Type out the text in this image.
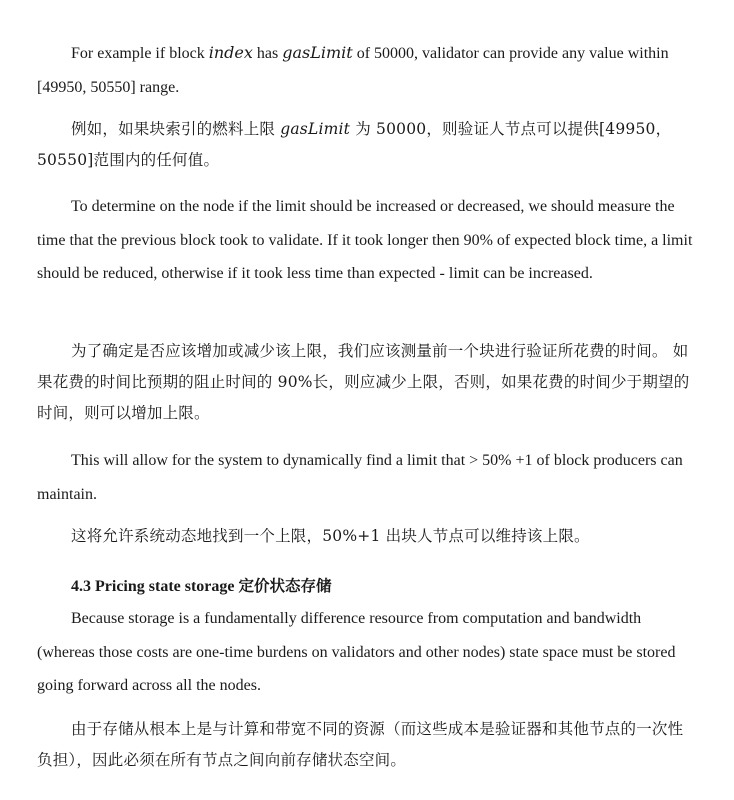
For example if block index has gasLimit of 50000, validator can provide any value within [49950, 50550] range.

例如，如果块索引的燃料上限 gasLimit 为 50000，则验证人节点可以提供[49950，50550]范围内的任何值。

To determine on the node if the limit should be increased or decreased, we should measure the time that the previous block took to validate. If it took longer then 90% of expected block time, a limit should be reduced, otherwise if it took less time than expected - limit can be increased.

为了确定是否应该增加或减少该上限，我们应该测量前一个块进行验证所花费的时间。 如果花费的时间比预期的阻止时间的 90%长，则应减少上限，否则，如果花费的时间少于期望的时间，则可以增加上限。

This will allow for the system to dynamically find a limit that > 50% +1 of block producers can maintain.

这将允许系统动态地找到一个上限，50%+1 出块人节点可以维持该上限。

4.3 Pricing state storage 定价状态存储

Because storage is a fundamentally difference resource from computation and bandwidth (whereas those costs are one-time burdens on validators and other nodes) state space must be stored going forward across all the nodes.

由于存储从根本上是与计算和带宽不同的资源（而这些成本是验证器和其他节点的一次性负担），因此必须在所有节点之间向前存储状态空间。
